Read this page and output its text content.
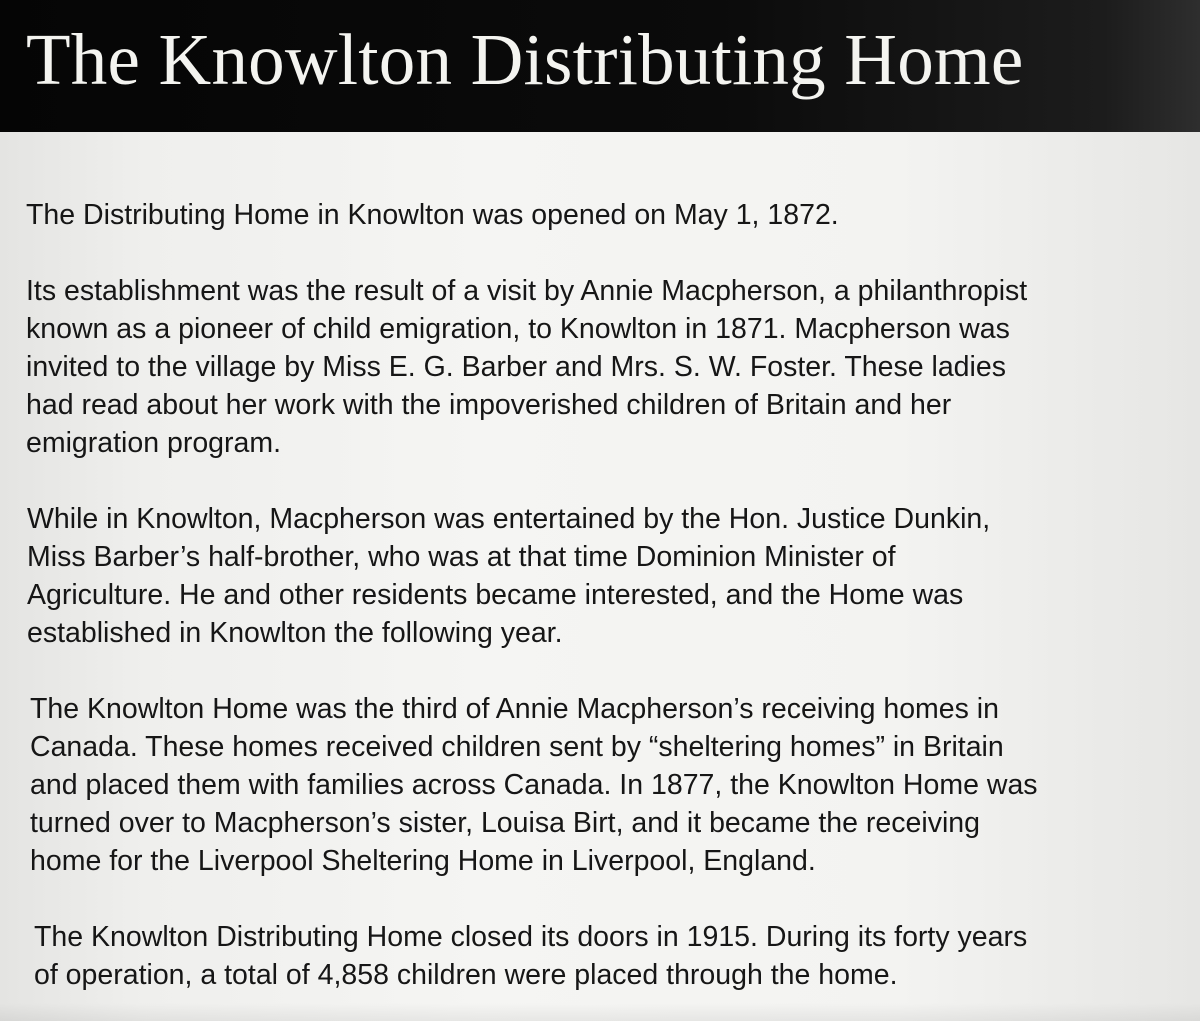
The Knowlton Distributing Home

The Distributing Home in Knowlton was opened on May 1, 1872.

Its establishment was the result of a visit by Annie Macpherson, a philanthropist
known as a pioneer of child emigration, to Knowlton in 1871. Macpherson was
invited to the village by Miss E. G. Barber and Mrs. S. W. Foster. These ladies
had read about her work with the impoverished children of Britain and her
emigration program.

While in Knowlton, Macpherson was entertained by the Hon. Justice Dunkin,
Miss Barber’s half-brother, who was at that time Dominion Minister of
Agriculture. He and other residents became interested, and the Home was
established in Knowlton the following year.

The Knowlton Home was the third of Annie Macpherson’s receiving homes in
Canada. These homes received children sent by “sheltering homes” in Britain
and placed them with families across Canada. In 1877, the Knowlton Home was
turned over to Macpherson’s sister, Louisa Birt, and it became the receiving
home for the Liverpool Sheltering Home in Liverpool, England.

The Knowlton Distributing Home closed its doors in 1915. During its forty years
of operation, a total of 4,858 children were placed through the home.
